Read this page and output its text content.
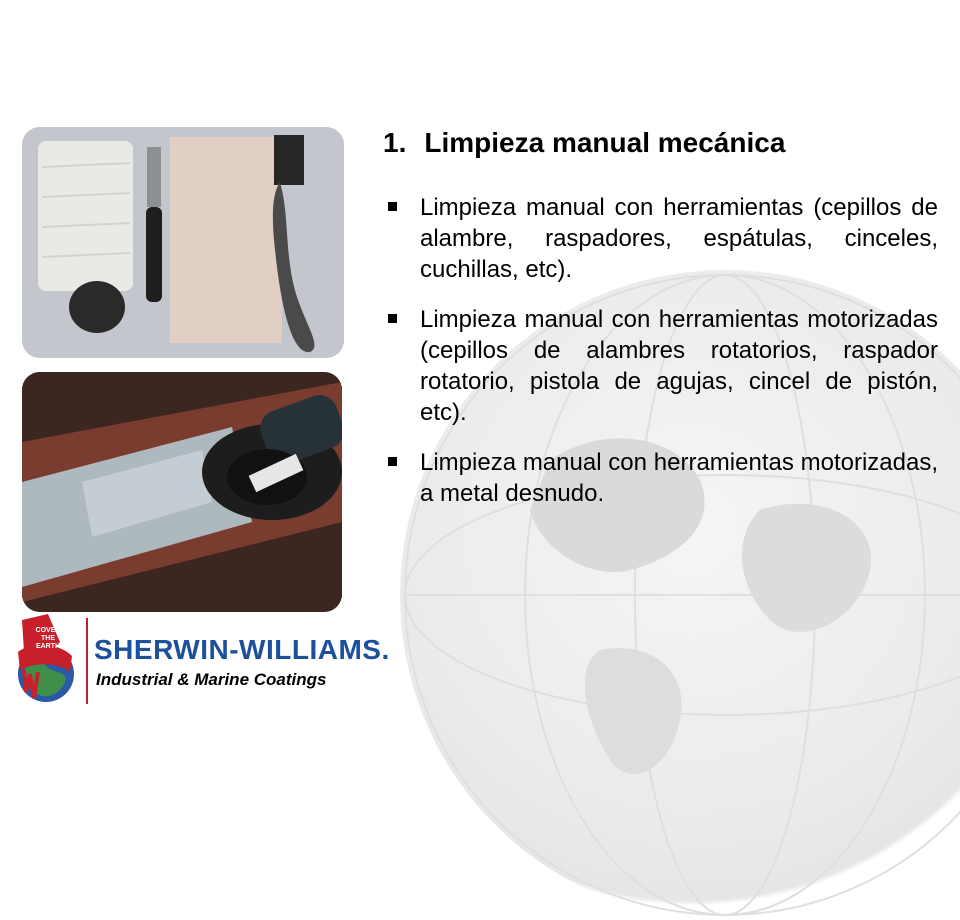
1. Limpieza manual mecánica
Limpieza manual con herramientas (cepillos de alambre, raspadores, espátulas, cinceles, cuchillas, etc).
Limpieza manual con herramientas motorizadas (cepillos de alambres rotatorios, raspador rotatorio, pistola de agujas, cincel de pistón, etc).
Limpieza manual con herramientas motorizadas, a metal desnudo.
COVER
THE
EARTH SHERWIN-WILLIAMS.
Industrial & Marine Coatings
